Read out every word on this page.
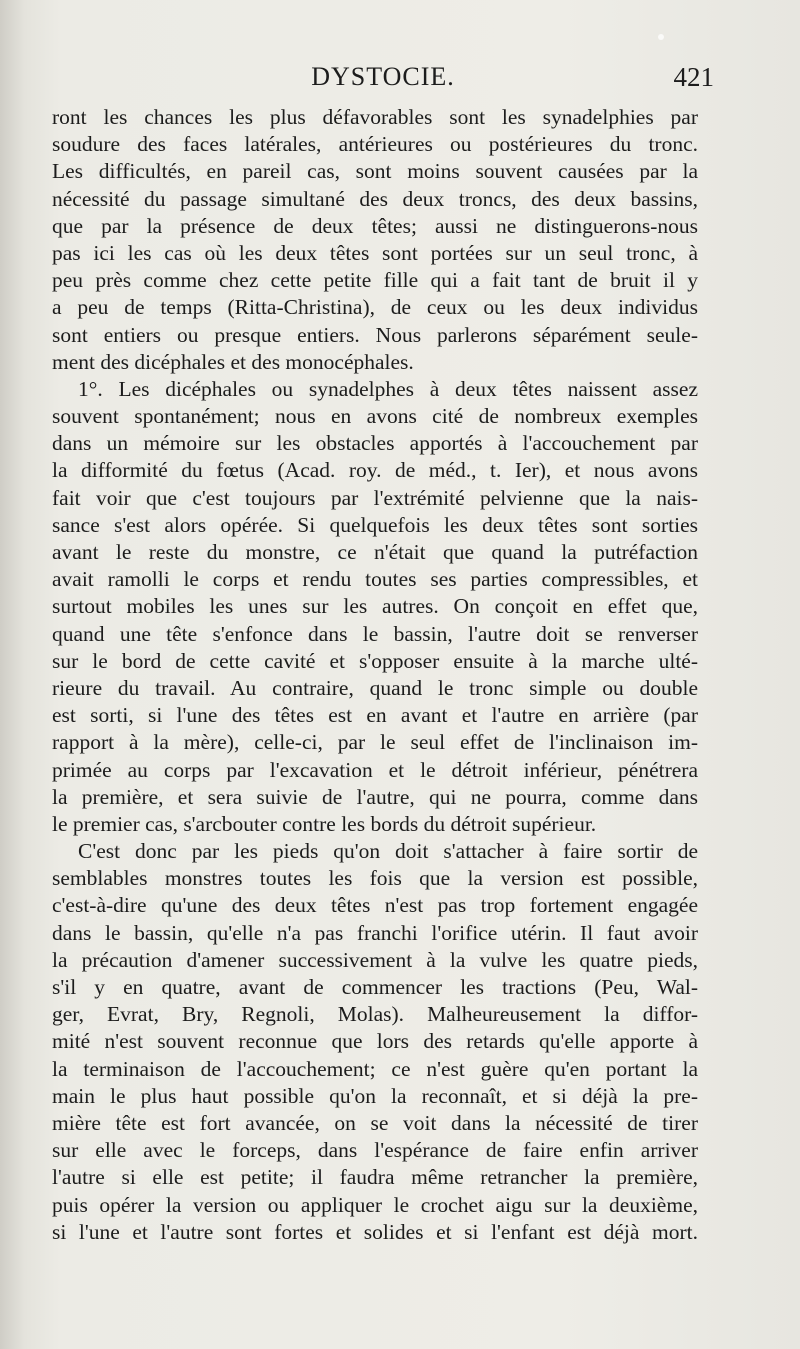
DYSTOCIE.	421
ront les chances les plus défavorables sont les synadelphies par
soudure des faces latérales, antérieures ou postérieures du tronc.
Les difficultés, en pareil cas, sont moins souvent causées par la
nécessité du passage simultané des deux troncs, des deux bassins,
que par la présence de deux têtes; aussi ne distinguerons-nous
pas ici les cas où les deux têtes sont portées sur un seul tronc, à
peu près comme chez cette petite fille qui a fait tant de bruit il y
a peu de temps (Ritta-Christina), de ceux ou les deux individus
sont entiers ou presque entiers. Nous parlerons séparément seule-
ment des dicéphales et des monocéphales.
1°. Les dicéphales ou synadelphes à deux têtes naissent assez
souvent spontanément; nous en avons cité de nombreux exemples
dans un mémoire sur les obstacles apportés à l'accouchement par
la difformité du fœtus (Acad. roy. de méd., t. Ier), et nous avons
fait voir que c'est toujours par l'extrémité pelvienne que la nais-
sance s'est alors opérée. Si quelquefois les deux têtes sont sorties
avant le reste du monstre, ce n'était que quand la putréfaction
avait ramolli le corps et rendu toutes ses parties compressibles, et
surtout mobiles les unes sur les autres. On conçoit en effet que,
quand une tête s'enfonce dans le bassin, l'autre doit se renverser
sur le bord de cette cavité et s'opposer ensuite à la marche ulté-
rieure du travail. Au contraire, quand le tronc simple ou double
est sorti, si l'une des têtes est en avant et l'autre en arrière (par
rapport à la mère), celle-ci, par le seul effet de l'inclinaison im-
primée au corps par l'excavation et le détroit inférieur, pénétrera
la première, et sera suivie de l'autre, qui ne pourra, comme dans
le premier cas, s'arcbouter contre les bords du détroit supérieur.
C'est donc par les pieds qu'on doit s'attacher à faire sortir de
semblables monstres toutes les fois que la version est possible,
c'est-à-dire qu'une des deux têtes n'est pas trop fortement engagée
dans le bassin, qu'elle n'a pas franchi l'orifice utérin. Il faut avoir
la précaution d'amener successivement à la vulve les quatre pieds,
s'il y en quatre, avant de commencer les tractions (Peu, Wal-
ger, Evrat, Bry, Regnoli, Molas). Malheureusement la diffor-
mité n'est souvent reconnue que lors des retards qu'elle apporte à
la terminaison de l'accouchement; ce n'est guère qu'en portant la
main le plus haut possible qu'on la reconnaît, et si déjà la pre-
mière tête est fort avancée, on se voit dans la nécessité de tirer
sur elle avec le forceps, dans l'espérance de faire enfin arriver
l'autre si elle est petite; il faudra même retrancher la première,
puis opérer la version ou appliquer le crochet aigu sur la deuxième,
si l'une et l'autre sont fortes et solides et si l'enfant est déjà mort.
